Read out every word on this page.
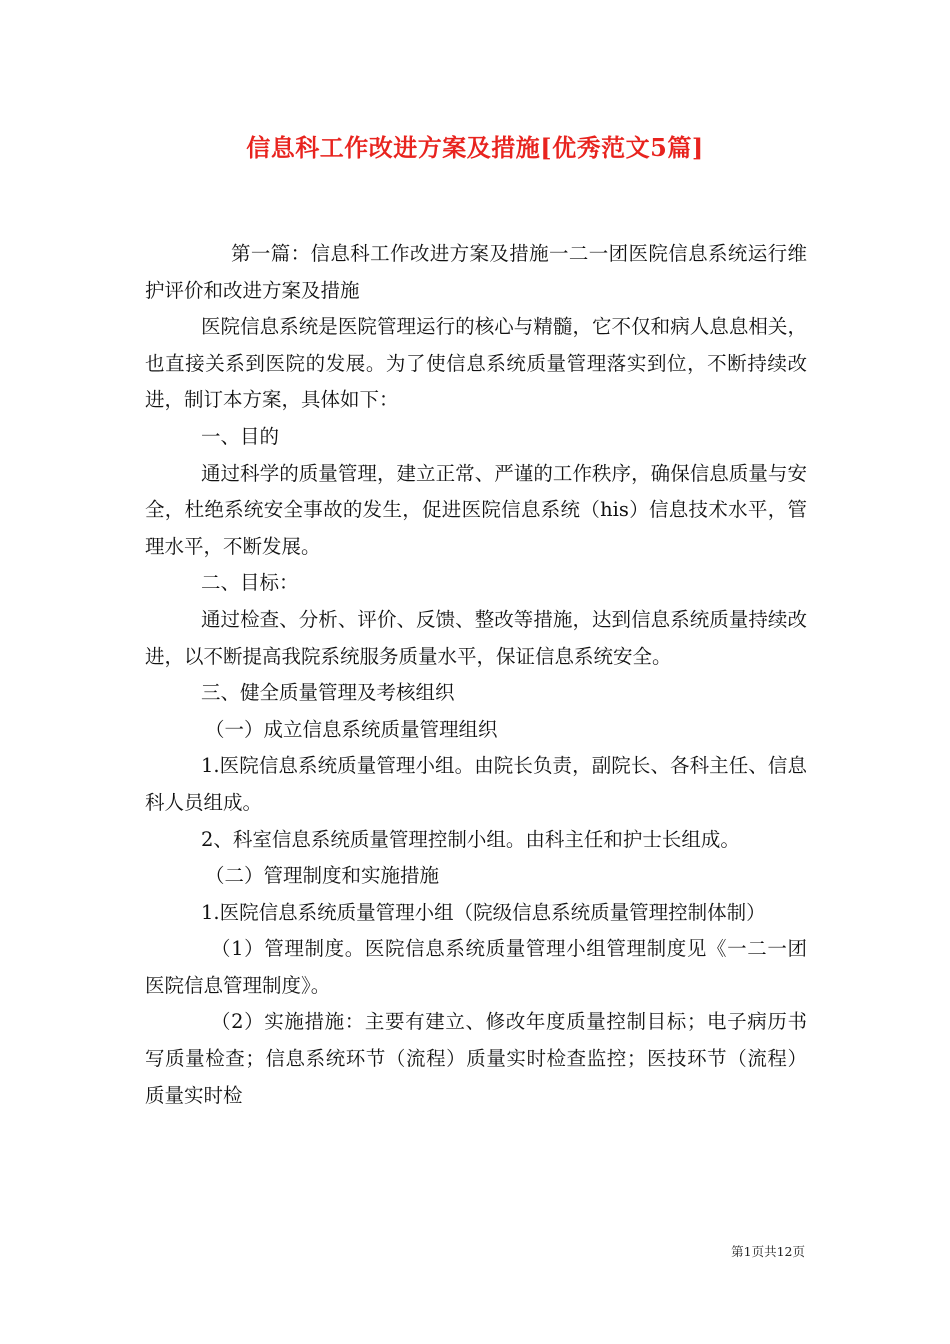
信息科工作改进方案及措施[优秀范文5篇]

第一篇：信息科工作改进方案及措施一二一团医院信息系统运行维护评价和改进方案及措施

医院信息系统是医院管理运行的核心与精髓，它不仅和病人息息相关，也直接关系到医院的发展。为了使信息系统质量管理落实到位，不断持续改进，制订本方案，具体如下：

一、目的

通过科学的质量管理，建立正常、严谨的工作秩序，确保信息质量与安全，杜绝系统安全事故的发生，促进医院信息系统（his）信息技术水平，管理水平，不断发展。

二、目标：

通过检查、分析、评价、反馈、整改等措施，达到信息系统质量持续改进，以不断提高我院系统服务质量水平，保证信息系统安全。

三、健全质量管理及考核组织

（一）成立信息系统质量管理组织

1.医院信息系统质量管理小组。由院长负责，副院长、各科主任、信息科人员组成。

2、科室信息系统质量管理控制小组。由科主任和护士长组成。

（二）管理制度和实施措施

1.医院信息系统质量管理小组（院级信息系统质量管理控制体制）

（1）管理制度。医院信息系统质量管理小组管理制度见《一二一团医院信息管理制度》。

（2）实施措施：主要有建立、修改年度质量控制目标；电子病历书写质量检查；信息系统环节（流程）质量实时检查监控；医技环节（流程）质量实时检

第1页共12页
